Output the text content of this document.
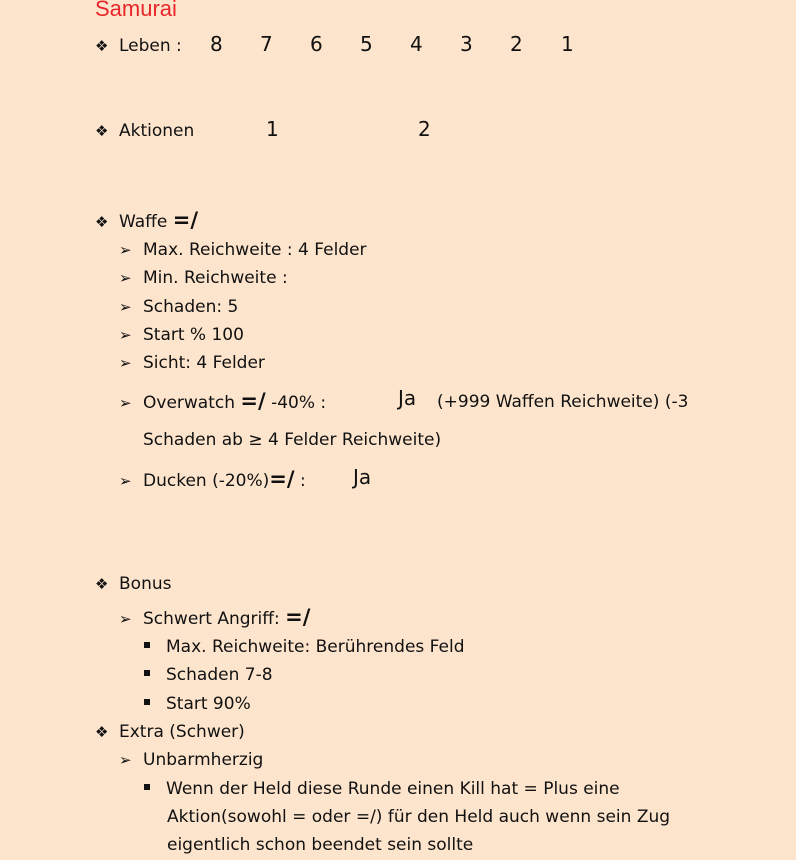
Samurai
❖ Leben : 8 7 6 5 4 3 2 1
❖ Aktionen	1	2
❖ Waffe =/
➢ Max. Reichweite : 4 Felder
➢ Min. Reichweite :
➢ Schaden: 5
➢ Start % 100
➢ Sicht: 4 Felder
➢ Overwatch =/ -40% :	Ja (+999 Waffen Reichweite) (-3
Schaden ab ≥ 4 Felder Reichweite)
➢ Ducken (-20%)=/ : Ja
❖ Bonus
➢ Schwert Angriff: =/
Max. Reichweite: Berührendes Feld
Schaden 7-8
Start 90%
❖ Extra (Schwer)
➢ Unbarmherzig
Wenn der Held diese Runde einen Kill hat = Plus eine
Aktion(sowohl = oder =/) für den Held auch wenn sein Zug
eigentlich schon beendet sein sollte
